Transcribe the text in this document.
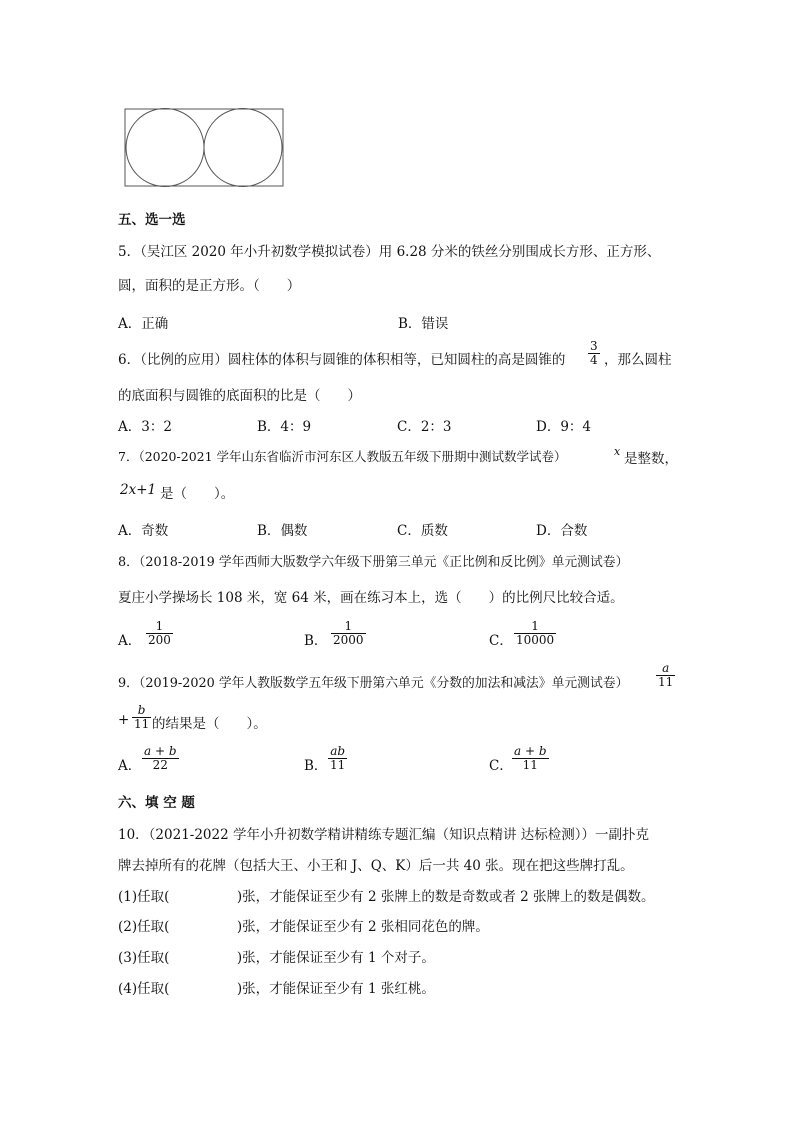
五、选一选
5．（吴江区 2020 年小升初数学模拟试卷）用 6.28 分米的铁丝分别围成长方形、正方形、
圆，面积的是正方形。（　　）
A．正确	B．错误
6．（比例的应用）圆柱体的体积与圆锥的体积相等，已知圆柱的高是圆锥的 $\frac{3}{4}$ ，那么圆柱
的底面积与圆锥的底面积的比是（　　）
A．3：2	B．4：9	C．2：3	D．9：4
7．（2020-2021 学年山东省临沂市河东区人教版五年级下册期中测试数学试卷）	x 是整数，
2x+1 是（　　）。
A．奇数	B．偶数	C．质数	D．合数
8．（2018-2019 学年西师大版数学六年级下册第三单元《正比例和反比例》单元测试卷）
夏庄小学操场长 108 米，宽 64 米，画在练习本上，选（　　）的比例尺比较合适。
A． $\frac{1}{200}$	B． $\frac{1}{2000}$	C． $\frac{1}{10000}$
9．（2019-2020 学年人教版数学五年级下册第六单元《分数的加法和减法》单元测试卷） $\frac{a}{11}$
+ $\frac{b}{11}$ 的结果是（　　）。
A． $\frac{a + b}{22}$	B． $\frac{ab}{11}$	C． $\frac{a + b}{11}$
六、填 空 题
10．（2021-2022 学年小升初数学精讲精练专题汇编（知识点精讲 达标检测））一副扑克
牌去掉所有的花牌（包括大王、小王和 J、Q、K）后一共 40 张。现在把这些牌打乱。
(1)任取(　　　　　)张，才能保证至少有 2 张牌上的数是奇数或者 2 张牌上的数是偶数。
(2)任取(　　　　　)张，才能保证至少有 2 张相同花色的牌。
(3)任取(　　　　　)张，才能保证至少有 1 个对子。
(4)任取(　　　　　)张，才能保证至少有 1 张红桃。
